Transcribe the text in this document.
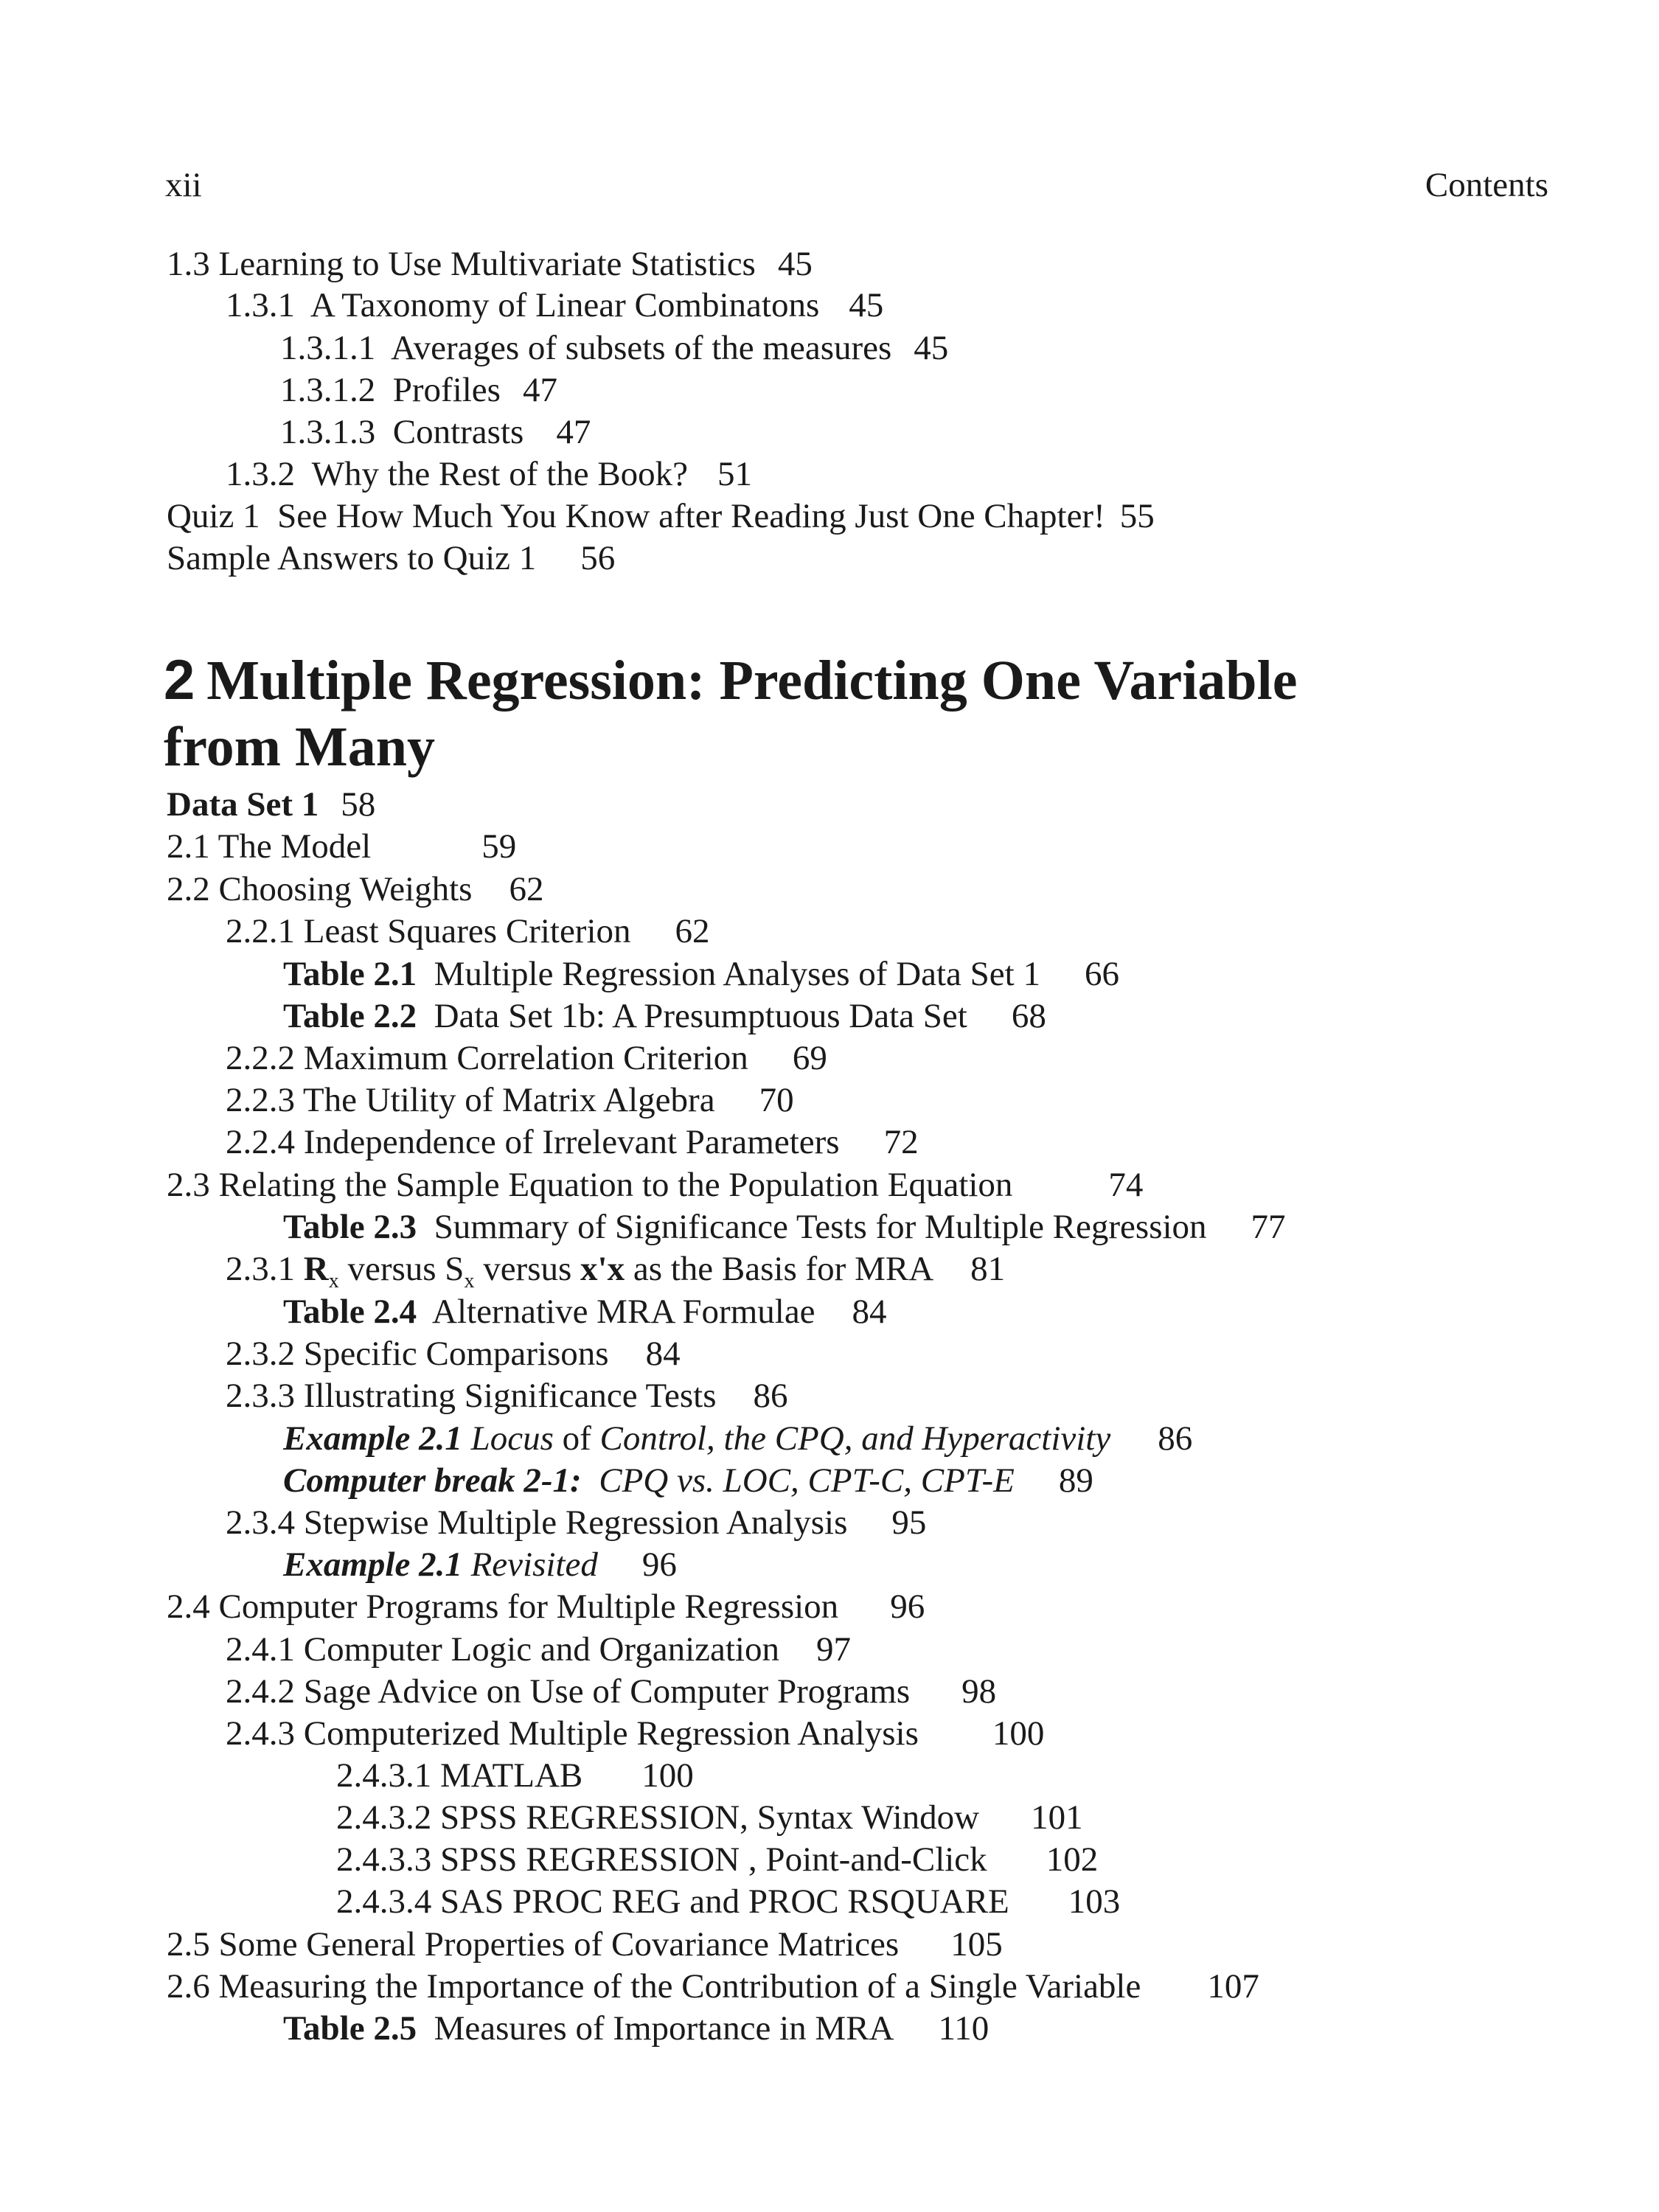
xii	Contents
1.3 Learning to Use Multivariate Statistics 45
1.3.1 A Taxonomy of Linear Combinatons 45
1.3.1.1 Averages of subsets of the measures 45
1.3.1.2 Profiles 47
1.3.1.3 Contrasts 47
1.3.2 Why the Rest of the Book? 51
Quiz 1 See How Much You Know after Reading Just One Chapter! 55
Sample Answers to Quiz 1 56
2 Multiple Regression: Predicting One Variable from Many
Data Set 1 58
2.1 The Model	59
2.2 Choosing Weights 62
2.2.1 Least Squares Criterion 62
Table 2.1 Multiple Regression Analyses of Data Set 1 66
Table 2.2 Data Set 1b: A Presumptuous Data Set 68
2.2.2 Maximum Correlation Criterion 69
2.2.3 The Utility of Matrix Algebra 70
2.2.4 Independence of Irrelevant Parameters 72
2.3 Relating the Sample Equation to the Population Equation	74
Table 2.3 Summary of Significance Tests for Multiple Regression 77
2.3.1 $R_x$ versus $S_x$ versus x'x as the Basis for MRA 81
Table 2.4 Alternative MRA Formulae 84
2.3.2 Specific Comparisons 84
2.3.3 Illustrating Significance Tests 86
Example 2.1 Locus of Control, the CPQ, and Hyperactivity 86
Computer break 2-1: CPQ vs. LOC, CPT-C, CPT-E 89
2.3.4 Stepwise Multiple Regression Analysis 95
Example 2.1 Revisited 96
2.4 Computer Programs for Multiple Regression 96
2.4.1 Computer Logic and Organization 97
2.4.2 Sage Advice on Use of Computer Programs 98
2.4.3 Computerized Multiple Regression Analysis 100
2.4.3.1 MATLAB 100
2.4.3.2 SPSS REGRESSION, Syntax Window 101
2.4.3.3 SPSS REGRESSION , Point-and-Click 102
2.4.3.4 SAS PROC REG and PROC RSQUARE 103
2.5 Some General Properties of Covariance Matrices 105
2.6 Measuring the Importance of the Contribution of a Single Variable 107
Table 2.5 Measures of Importance in MRA 110
